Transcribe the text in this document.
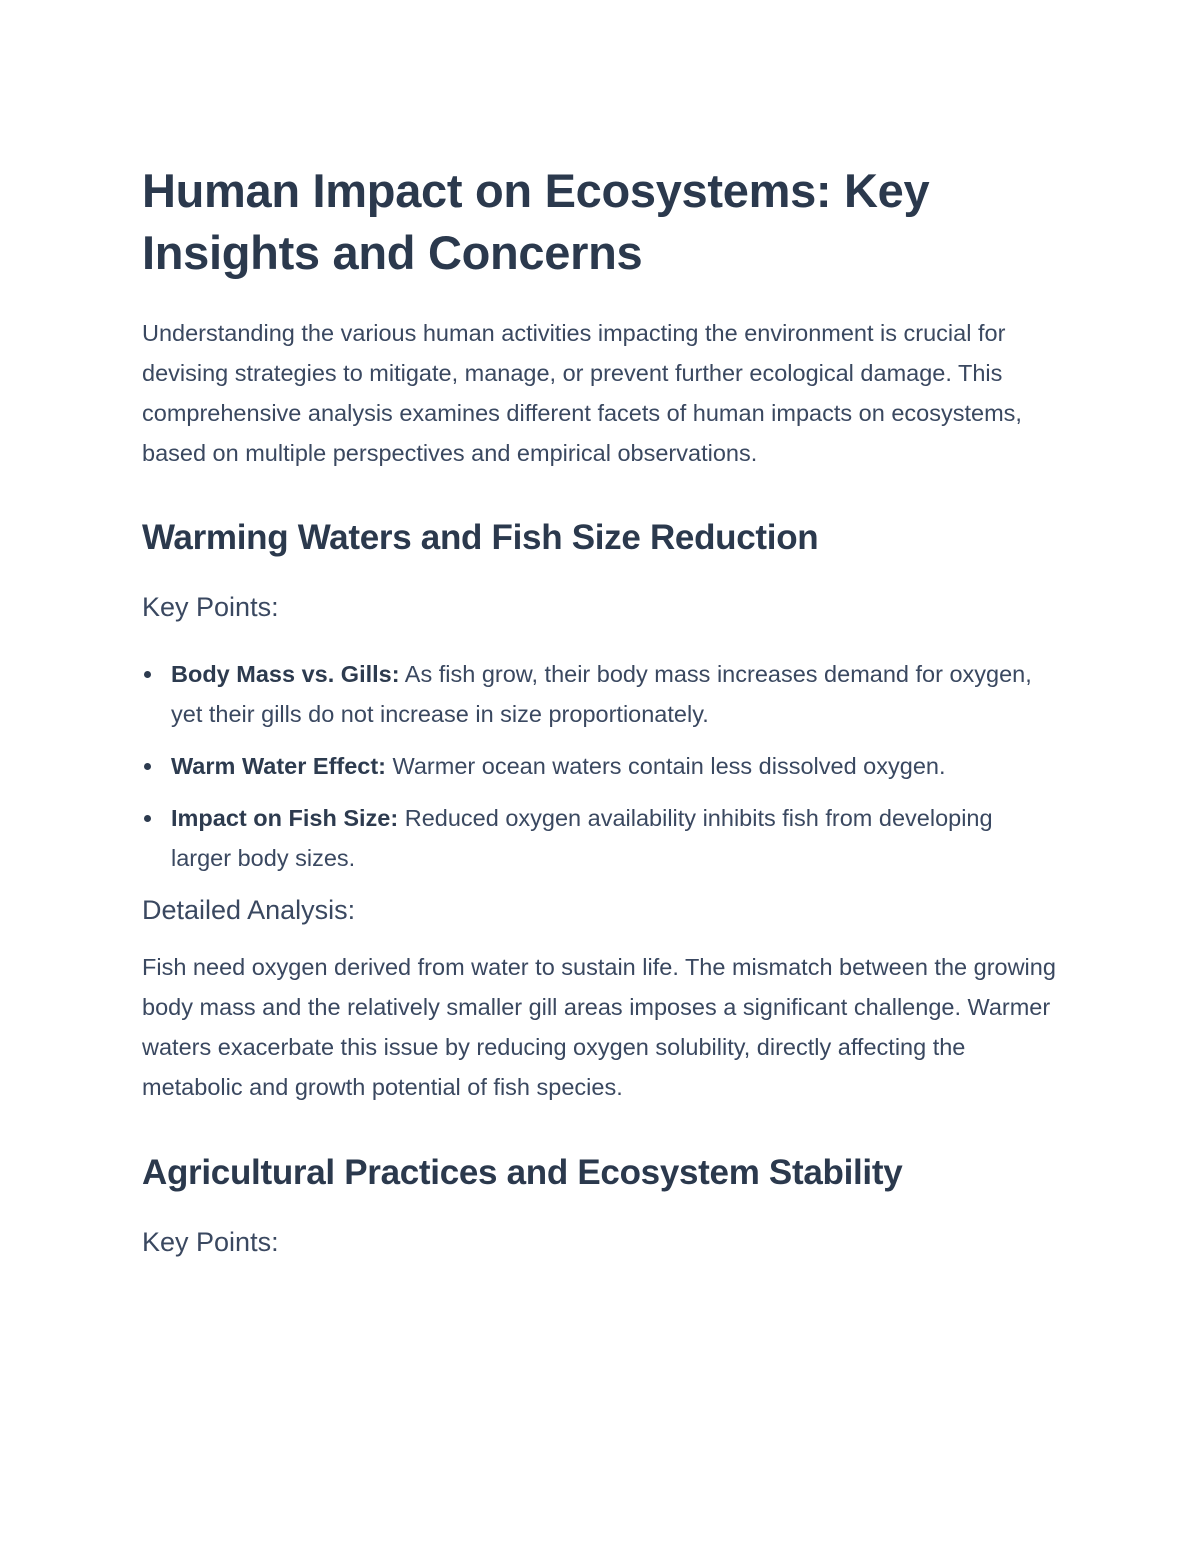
Human Impact on Ecosystems: Key Insights and Concerns

Understanding the various human activities impacting the environment is crucial for devising strategies to mitigate, manage, or prevent further ecological damage. This comprehensive analysis examines different facets of human impacts on ecosystems, based on multiple perspectives and empirical observations.

Warming Waters and Fish Size Reduction
Key Points:
Body Mass vs. Gills: As fish grow, their body mass increases demand for oxygen, yet their gills do not increase in size proportionately.
Warm Water Effect: Warmer ocean waters contain less dissolved oxygen.
Impact on Fish Size: Reduced oxygen availability inhibits fish from developing larger body sizes.
Detailed Analysis:

Fish need oxygen derived from water to sustain life. The mismatch between the growing body mass and the relatively smaller gill areas imposes a significant challenge. Warmer waters exacerbate this issue by reducing oxygen solubility, directly affecting the metabolic and growth potential of fish species.

Agricultural Practices and Ecosystem Stability
Key Points:
